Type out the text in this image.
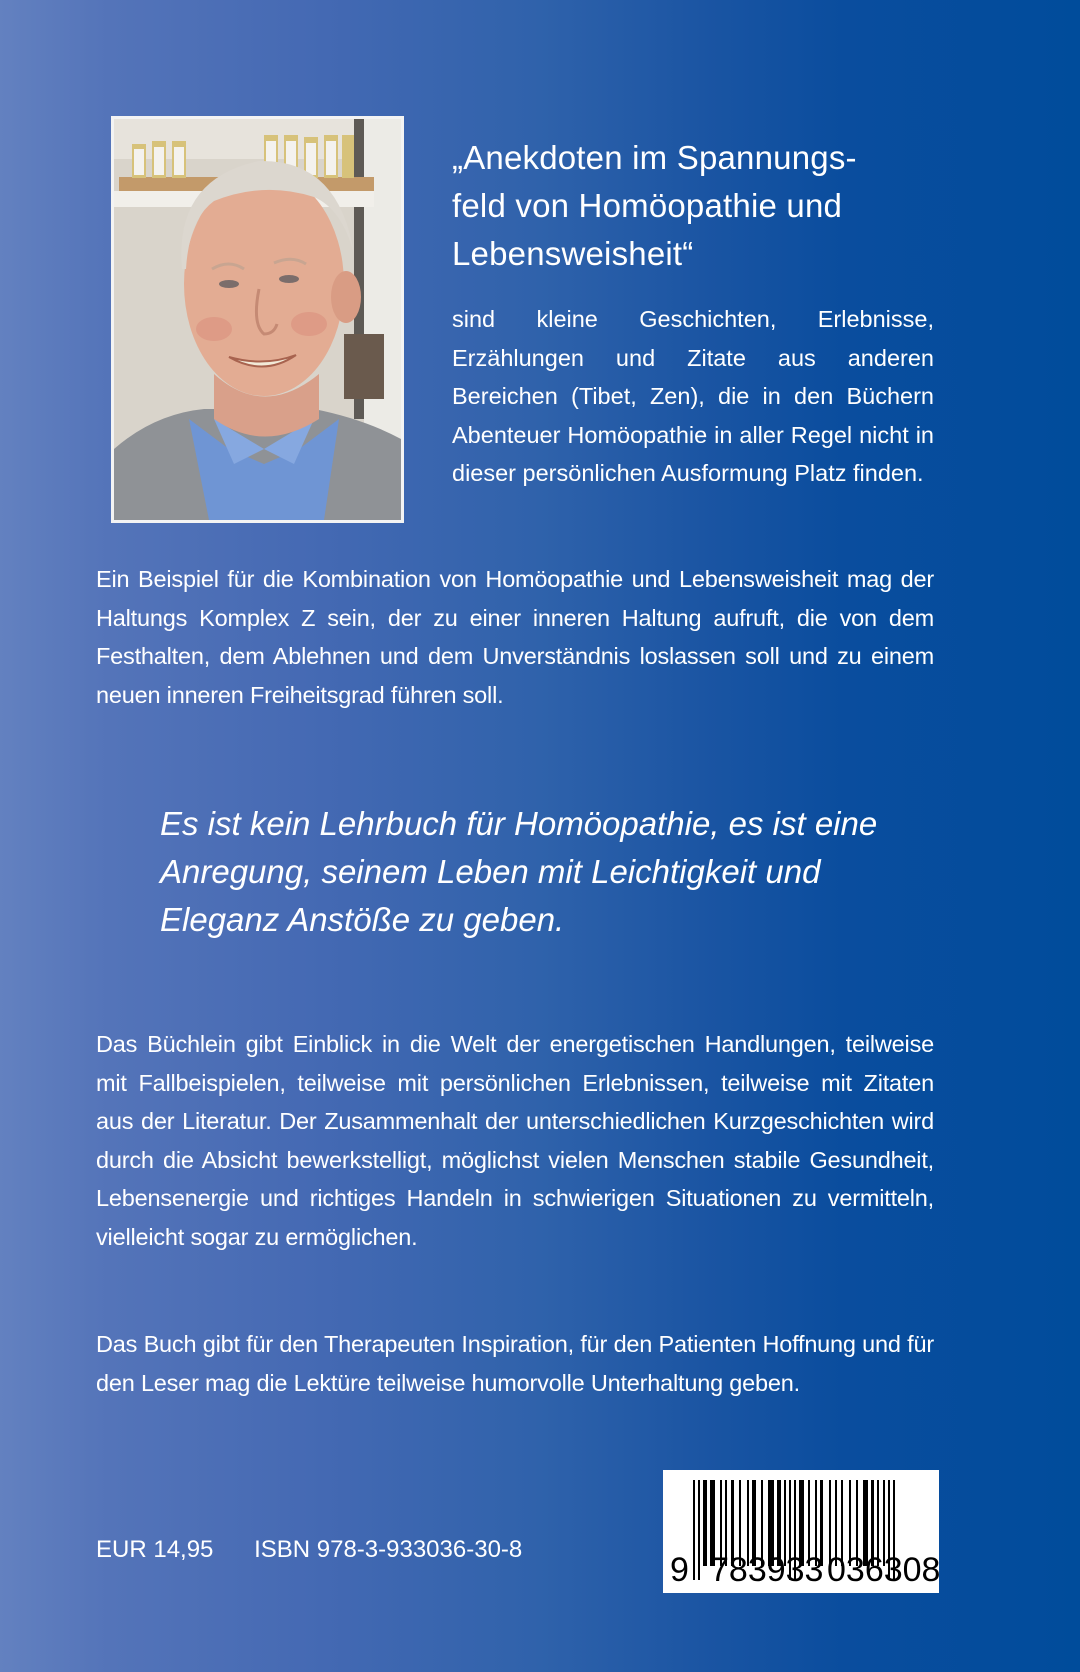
„Anekdoten im Spannungs-
feld von Homöopathie und
Lebensweisheit“

sind kleine Geschichten, Erlebnisse, Erzählungen und Zitate aus anderen Bereichen (Tibet, Zen), die in den Büchern Abenteuer Homöopathie in aller Regel nicht in dieser persönlichen Ausformung Platz finden.

Ein Beispiel für die Kombination von Homöopathie und Lebensweisheit mag der Haltungs Komplex Z sein, der zu einer inneren Haltung aufruft, die von dem Festhalten, dem Ablehnen und dem Unverständnis loslassen soll und zu einem neuen inneren Freiheitsgrad führen soll.

Es ist kein Lehrbuch für Homöopathie, es ist eine Anregung, seinem Leben mit Leichtigkeit und Eleganz Anstöße zu geben.

Das Büchlein gibt Einblick in die Welt der energetischen Handlungen, teilweise mit Fallbeispielen, teilweise mit persönlichen Erlebnissen, teilweise mit Zitaten aus der Literatur. Der Zusammenhalt der unterschiedlichen Kurzgeschichten wird durch die Absicht bewerkstelligt, möglichst vielen Menschen stabile Gesundheit, Lebensenergie und richtiges Handeln in schwierigen Situationen zu vermitteln, vielleicht sogar zu ermöglichen.

Das Buch gibt für den Therapeuten Inspiration, für den Patienten Hoffnung und für den Leser mag die Lektüre teilweise humorvolle Unterhaltung geben.

EUR 14,95 ISBN 978-3-933036-30-8
9 783933 036308
